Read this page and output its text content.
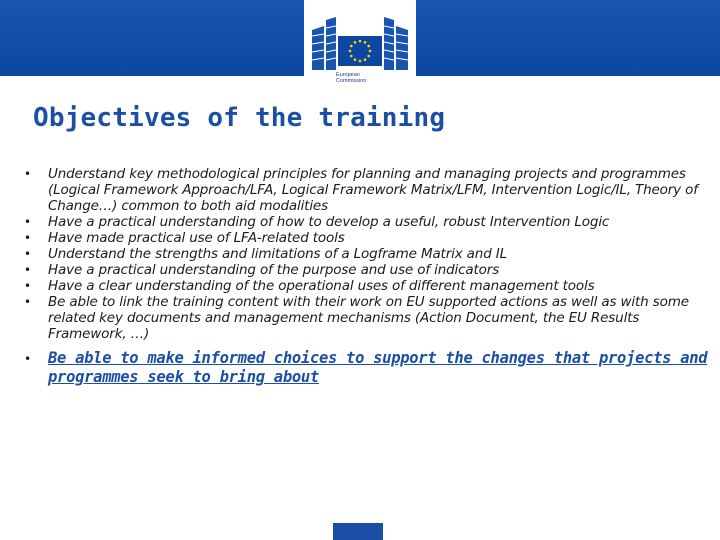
European
Commission
Objectives of the training
• Understand key methodological principles for planning and managing projects and programmes (Logical Framework Approach/LFA, Logical Framework Matrix/LFM, Intervention Logic/IL, Theory of Change…) common to both aid modalities
• Have a practical understanding of how to develop a useful, robust Intervention Logic
• Have made practical use of LFA-related tools
• Understand the strengths and limitations of a Logframe Matrix and IL
• Have a practical understanding of the purpose and use of indicators
• Have a clear understanding of the operational uses of different management tools
• Be able to link the training content with their work on EU supported actions as well as with some related key documents and management mechanisms (Action Document, the EU Results Framework, …)
• Be able to make informed choices to support the changes that projects and programmes seek to bring about
